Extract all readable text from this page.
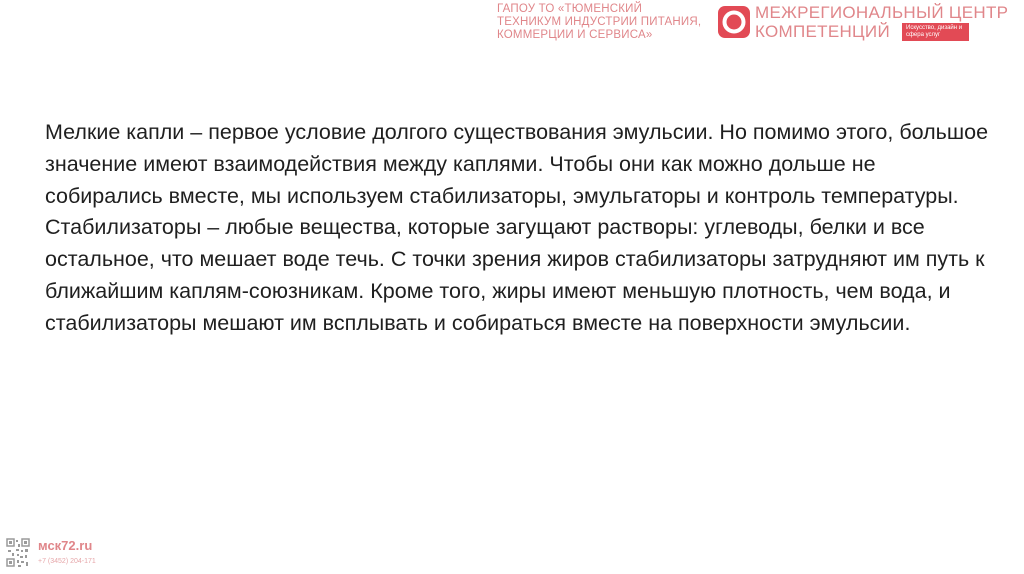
ГАПОУ ТО «ТЮМЕНСКИЙ
ТЕХНИКУМ ИНДУСТРИИ ПИТАНИЯ,
КОММЕРЦИИ И СЕРВИСА»
МЕЖРЕГИОНАЛЬНЫЙ ЦЕНТР
КОМПЕТЕНЦИЙ	Искусство, дизайн и сфера услуг

Мелкие капли – первое условие долгого существования эмульсии. Но помимо этого, большое значение имеют взаимодействия между каплями. Чтобы они как можно дольше не собирались вместе, мы используем стабилизаторы, эмульгаторы и контроль температуры. Стабилизаторы – любые вещества, которые загущают растворы: углеводы, белки и все остальное, что мешает воде течь. С точки зрения жиров стабилизаторы затрудняют им путь к ближайшим каплям-союзникам. Кроме того, жиры имеют меньшую плотность, чем вода, и стабилизаторы мешают им всплывать и собираться вместе на поверхности эмульсии.

мск72.ru
+7 (3452) 204-171
